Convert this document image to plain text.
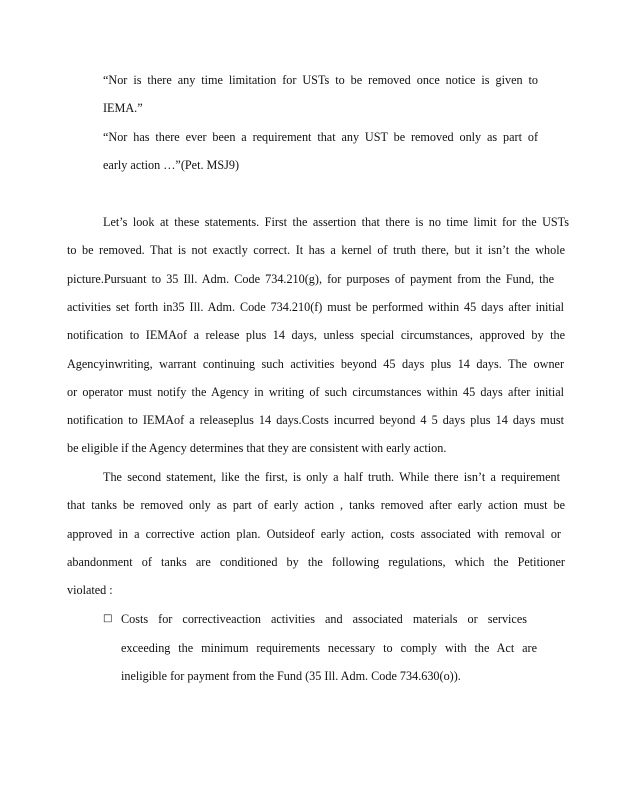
“Nor is there any time limitation for USTs to be removed once notice is given to
IEMA.”
“Nor has there ever been a requirement that any UST be removed only as part of
early action …”(Pet. MSJ9)
Let’s look at these statements. First the assertion that there is no time limit for the USTs
to be removed. That is not exactly correct. It has a kernel of truth there, but it isn’t the whole
picture.Pursuant to 35 Ill. Adm. Code 734.210(g), for purposes of payment from the Fund, the
activities set forth in35 Ill. Adm. Code 734.210(f) must be performed within 45 days after initial
notification to IEMAof a release plus 14 days, unless special circumstances, approved by the
Agencyinwriting, warrant continuing such activities beyond 45 days plus 14 days. The owner
or operator must notify the Agency in writing of such circumstances within 45 days after initial
notification to IEMAof a releaseplus 14 days.Costs incurred beyond 4 5 days plus 14 days must
be eligible if the Agency determines that they are consistent with early action.
The second statement, like the first, is only a half truth. While there isn’t a requirement
that tanks be removed only as part of early action , tanks removed after early action must be
approved in a corrective action plan. Outsideof early action, costs associated with removal or
abandonment of tanks are conditioned by the following regulations, which the Petitioner
violated :
□ Costs for correctiveaction activities and associated materials or services
exceeding the minimum requirements necessary to comply with the Act are
ineligible for payment from the Fund (35 Ill. Adm. Code 734.630(o)).
